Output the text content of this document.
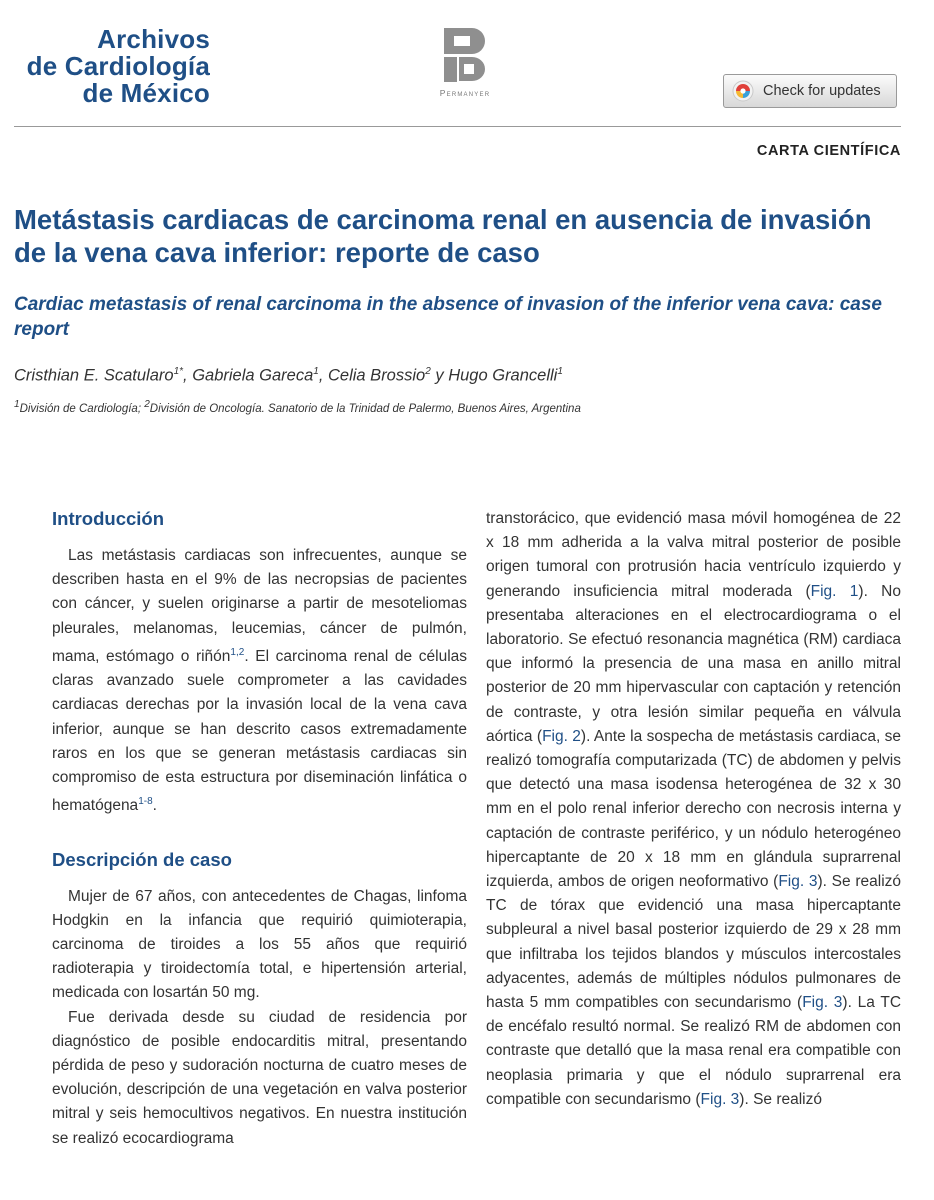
Archivos
de Cardiología
de México	Permanyer	Check for updates
CARTA CIENTÍFICA
Metástasis cardiacas de carcinoma renal en ausencia de invasión de la vena cava inferior: reporte de caso
Cardiac metastasis of renal carcinoma in the absence of invasion of the inferior vena cava: case report
Cristhian E. Scatularo$^{1*}$, Gabriela Gareca$^1$, Celia Brossio$^2$ y Hugo Grancelli$^1$
$^1$División de Cardiología; $^2$División de Oncología. Sanatorio de la Trinidad de Palermo, Buenos Aires, Argentina
Introducción

Las metástasis cardiacas son infrecuentes, aunque se describen hasta en el 9% de las necropsias de pacientes con cáncer, y suelen originarse a partir de mesoteliomas pleurales, melanomas, leucemias, cáncer de pulmón, mama, estómago o riñón$^{1,2}$. El carcinoma renal de células claras avanzado suele comprometer a las cavidades cardiacas derechas por la invasión local de la vena cava inferior, aunque se han descrito casos extremadamente raros en los que se generan metástasis cardiacas sin compromiso de esta estructura por diseminación linfática o hematógena$^{1-8}$.

Descripción de caso

Mujer de 67 años, con antecedentes de Chagas, linfoma Hodgkin en la infancia que requirió quimioterapia, carcinoma de tiroides a los 55 años que requirió radioterapia y tiroidectomía total, e hipertensión arterial, medicada con losartán 50 mg.

Fue derivada desde su ciudad de residencia por diagnóstico de posible endocarditis mitral, presentando pérdida de peso y sudoración nocturna de cuatro meses de evolución, descripción de una vegetación en valva posterior mitral y seis hemocultivos negativos. En nuestra institución se realizó ecocardiograma

transtorácico, que evidenció masa móvil homogénea de 22 x 18 mm adherida a la valva mitral posterior de posible origen tumoral con protrusión hacia ventrículo izquierdo y generando insuficiencia mitral moderada (Fig. 1). No presentaba alteraciones en el electrocardiograma o el laboratorio. Se efectuó resonancia magnética (RM) cardiaca que informó la presencia de una masa en anillo mitral posterior de 20 mm hipervascular con captación y retención de contraste, y otra lesión similar pequeña en válvula aórtica (Fig. 2). Ante la sospecha de metástasis cardiaca, se realizó tomografía computarizada (TC) de abdomen y pelvis que detectó una masa isodensa heterogénea de 32 x 30 mm en el polo renal inferior derecho con necrosis interna y captación de contraste periférico, y un nódulo heterogéneo hipercaptante de 20 x 18 mm en glándula suprarrenal izquierda, ambos de origen neoformativo (Fig. 3). Se realizó TC de tórax que evidenció una masa hipercaptante subpleural a nivel basal posterior izquierdo de 29 x 28 mm que infiltraba los tejidos blandos y músculos intercostales adyacentes, además de múltiples nódulos pulmonares de hasta 5 mm compatibles con secundarismo (Fig. 3). La TC de encéfalo resultó normal. Se realizó RM de abdomen con contraste que detalló que la masa renal era compatible con neoplasia primaria y que el nódulo suprarrenal era compatible con secundarismo (Fig. 3). Se realizó
